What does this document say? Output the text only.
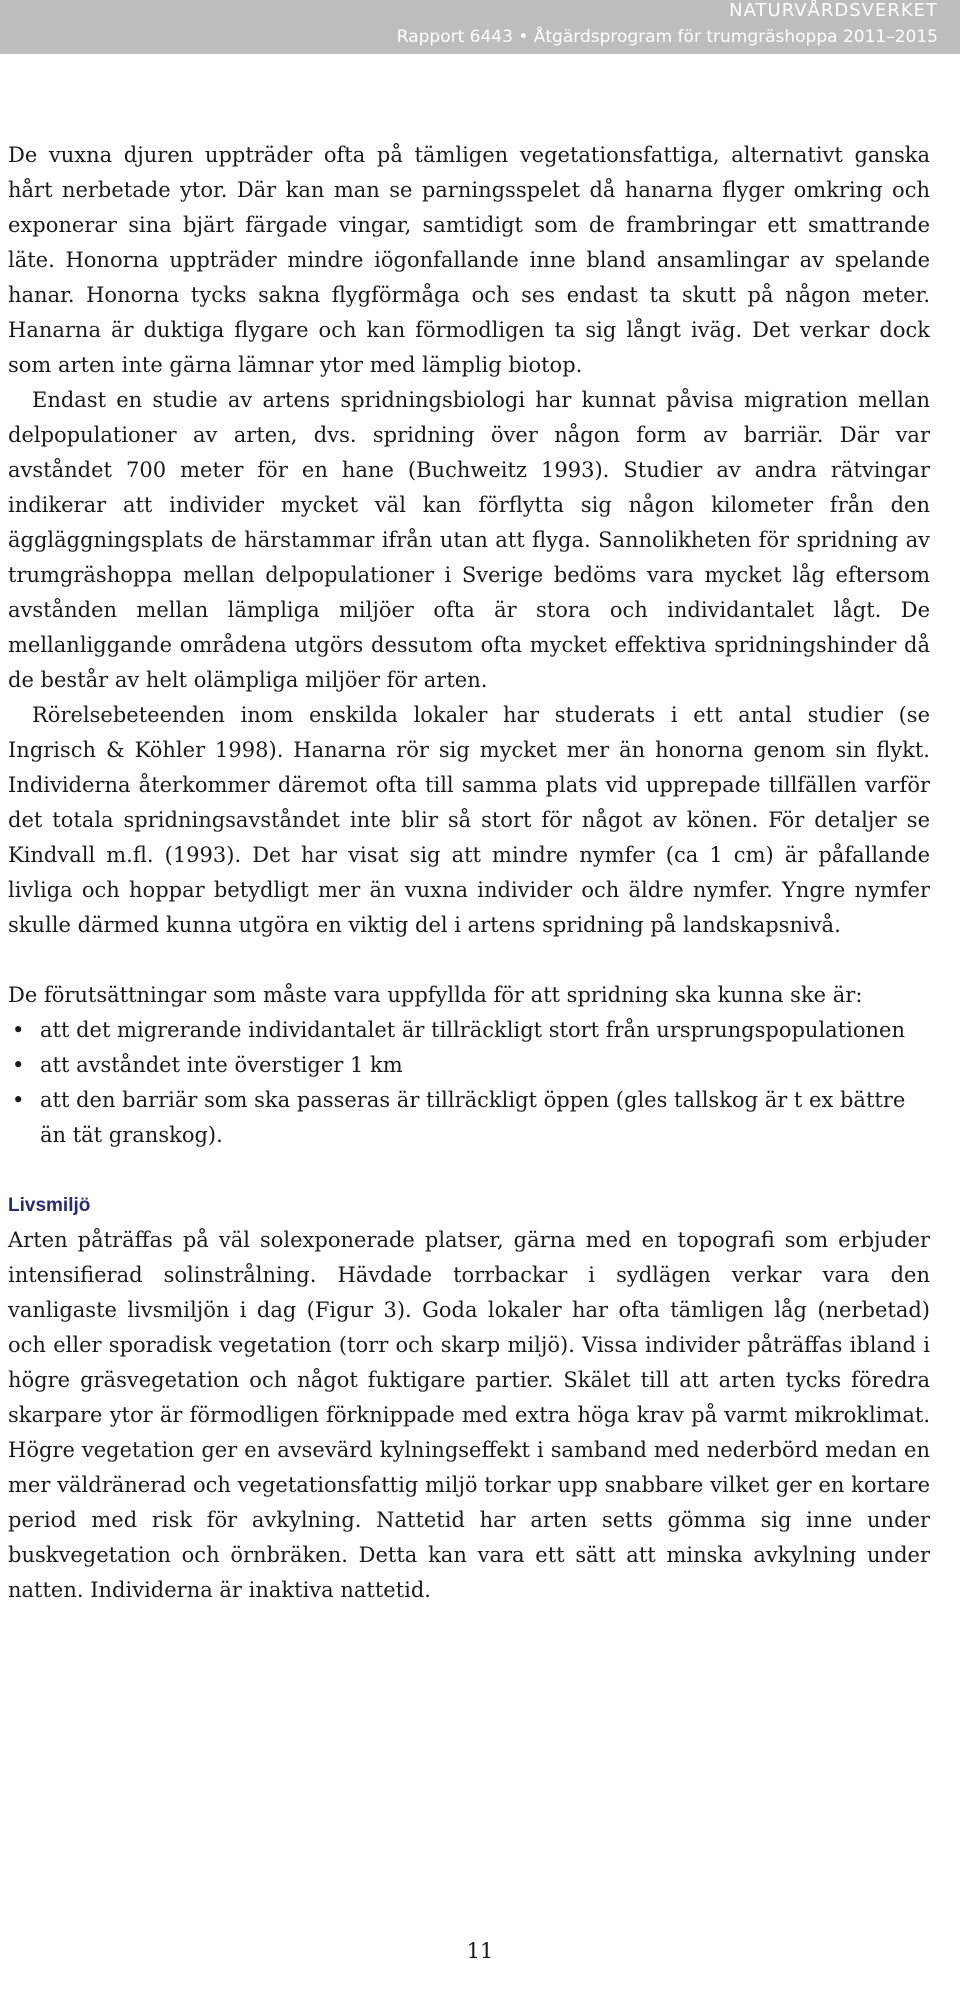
NATURVÅRDSVERKET
Rapport 6443 • Åtgärdsprogram för trumgräshoppa 2011–2015

De vuxna djuren uppträder ofta på tämligen vegetationsfattiga, alternativt ganska hårt nerbetade ytor. Där kan man se parningsspelet då hanarna flyger omkring och exponerar sina bjärt färgade vingar, samtidigt som de frambringar ett smattrande läte. Honorna uppträder mindre iögonfallande inne bland ansamlingar av spelande hanar. Honorna tycks sakna flygförmåga och ses endast ta skutt på någon meter. Hanarna är duktiga flygare och kan förmodligen ta sig långt iväg. Det verkar dock som arten inte gärna lämnar ytor med lämplig biotop.

Endast en studie av artens spridningsbiologi har kunnat påvisa migration mellan delpopulationer av arten, dvs. spridning över någon form av barriär. Där var avståndet 700 meter för en hane (Buchweitz 1993). Studier av andra rätvingar indikerar att individer mycket väl kan förflytta sig någon kilometer från den äggläggningsplats de härstammar ifrån utan att flyga. Sannolikheten för spridning av trumgräshoppa mellan delpopulationer i Sverige bedöms vara mycket låg eftersom avstånden mellan lämpliga miljöer ofta är stora och individantalet lågt. De mellanliggande områdena utgörs dessutom ofta mycket effektiva spridningshinder då de består av helt olämpliga miljöer för arten.

Rörelsebeteenden inom enskilda lokaler har studerats i ett antal studier (se Ingrisch & Köhler 1998). Hanarna rör sig mycket mer än honorna genom sin flykt. Individerna återkommer däremot ofta till samma plats vid upprepade tillfällen varför det totala spridningsavståndet inte blir så stort för något av könen. För detaljer se Kindvall m.fl. (1993). Det har visat sig att mindre nymfer (ca 1 cm) är påfallande livliga och hoppar betydligt mer än vuxna individer och äldre nymfer. Yngre nymfer skulle därmed kunna utgöra en viktig del i artens spridning på landskapsnivå.

De förutsättningar som måste vara uppfyllda för att spridning ska kunna ske är:

• att det migrerande individantalet är tillräckligt stort från ursprungspopulationen
• att avståndet inte överstiger 1 km
• att den barriär som ska passeras är tillräckligt öppen (gles tallskog är t ex bättre än tät granskog).
Livsmiljö

Arten påträffas på väl solexponerade platser, gärna med en topografi som erbjuder intensifierad solinstrålning. Hävdade torrbackar i sydlägen verkar vara den vanligaste livsmiljön i dag (Figur 3). Goda lokaler har ofta tämligen låg (nerbetad) och eller sporadisk vegetation (torr och skarp miljö). Vissa individer påträffas ibland i högre gräsvegetation och något fuktigare partier. Skälet till att arten tycks föredra skarpare ytor är förmodligen förknippade med extra höga krav på varmt mikroklimat. Högre vegetation ger en avsevärd kylningseffekt i samband med nederbörd medan en mer väldränerad och vegetationsfattig miljö torkar upp snabbare vilket ger en kortare period med risk för avkylning. Nattetid har arten setts gömma sig inne under buskvegetation och örnbräken. Detta kan vara ett sätt att minska avkylning under natten. Individerna är inaktiva nattetid.

11
